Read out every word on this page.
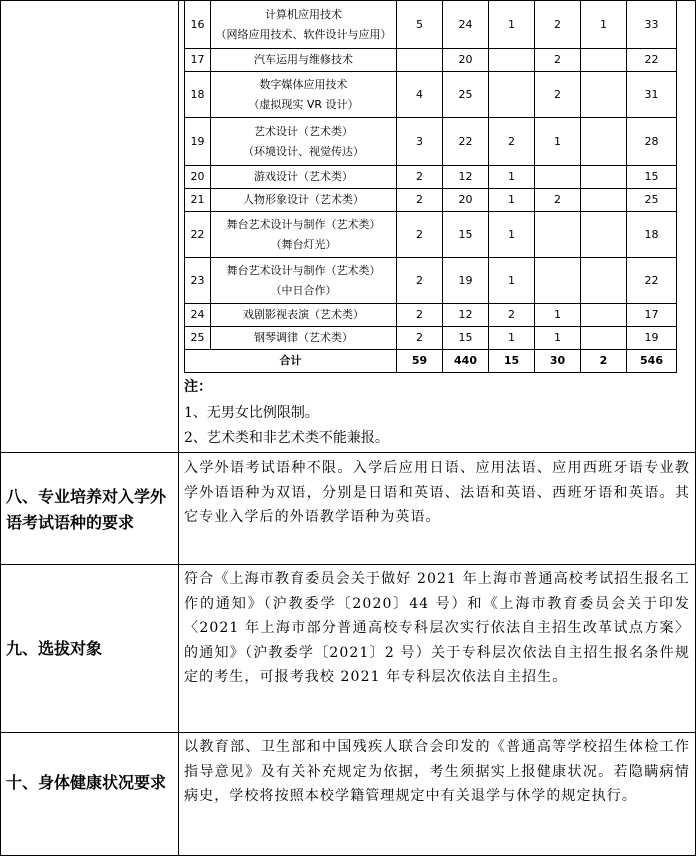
16	计算机应用技术
（网络应用技术、软件设计与应用）	5	24	1	2	1	33
17	汽车运用与维修技术		20		2		22
18	数字媒体应用技术
（虚拟现实 VR 设计）	4	25		2		31
19	艺术设计（艺术类）
（环境设计、视觉传达）	3	22	2	1		28
20	游戏设计（艺术类）	2	12	1			15
21	人物形象设计（艺术类）	2	20	1	2		25
22	舞台艺术设计与制作（艺术类）
（舞台灯光）	2	15	1			18
23	舞台艺术设计与制作（艺术类）
（中日合作）	2	19	1			22
24	戏剧影视表演（艺术类）	2	12	2	1		17
25	钢琴调律（艺术类）	2	15	1	1		19
合计		59	440	15	30	2	546
注：
1、无男女比例限制。
2、艺术类和非艺术类不能兼报。
八、专业培养对入学外语考试语种的要求
入学外语考试语种不限。入学后应用日语、应用法语、应用西班牙语专业教学外语语种为双语，分别是日语和英语、法语和英语、西班牙语和英语。其它专业入学后的外语教学语种为英语。
九、选拔对象
符合《上海市教育委员会关于做好 2021 年上海市普通高校考试招生报名工作的通知》（沪教委学〔2020〕44 号）和《上海市教育委员会关于印发〈2021 年上海市部分普通高校专科层次实行依法自主招生改革试点方案〉的通知》（沪教委学〔2021〕2 号）关于专科层次依法自主招生报名条件规定的考生，可报考我校 2021 年专科层次依法自主招生。
十、身体健康状况要求
以教育部、卫生部和中国残疾人联合会印发的《普通高等学校招生体检工作指导意见》及有关补充规定为依据，考生须据实上报健康状况。若隐瞒病情病史，学校将按照本校学籍管理规定中有关退学与休学的规定执行。
